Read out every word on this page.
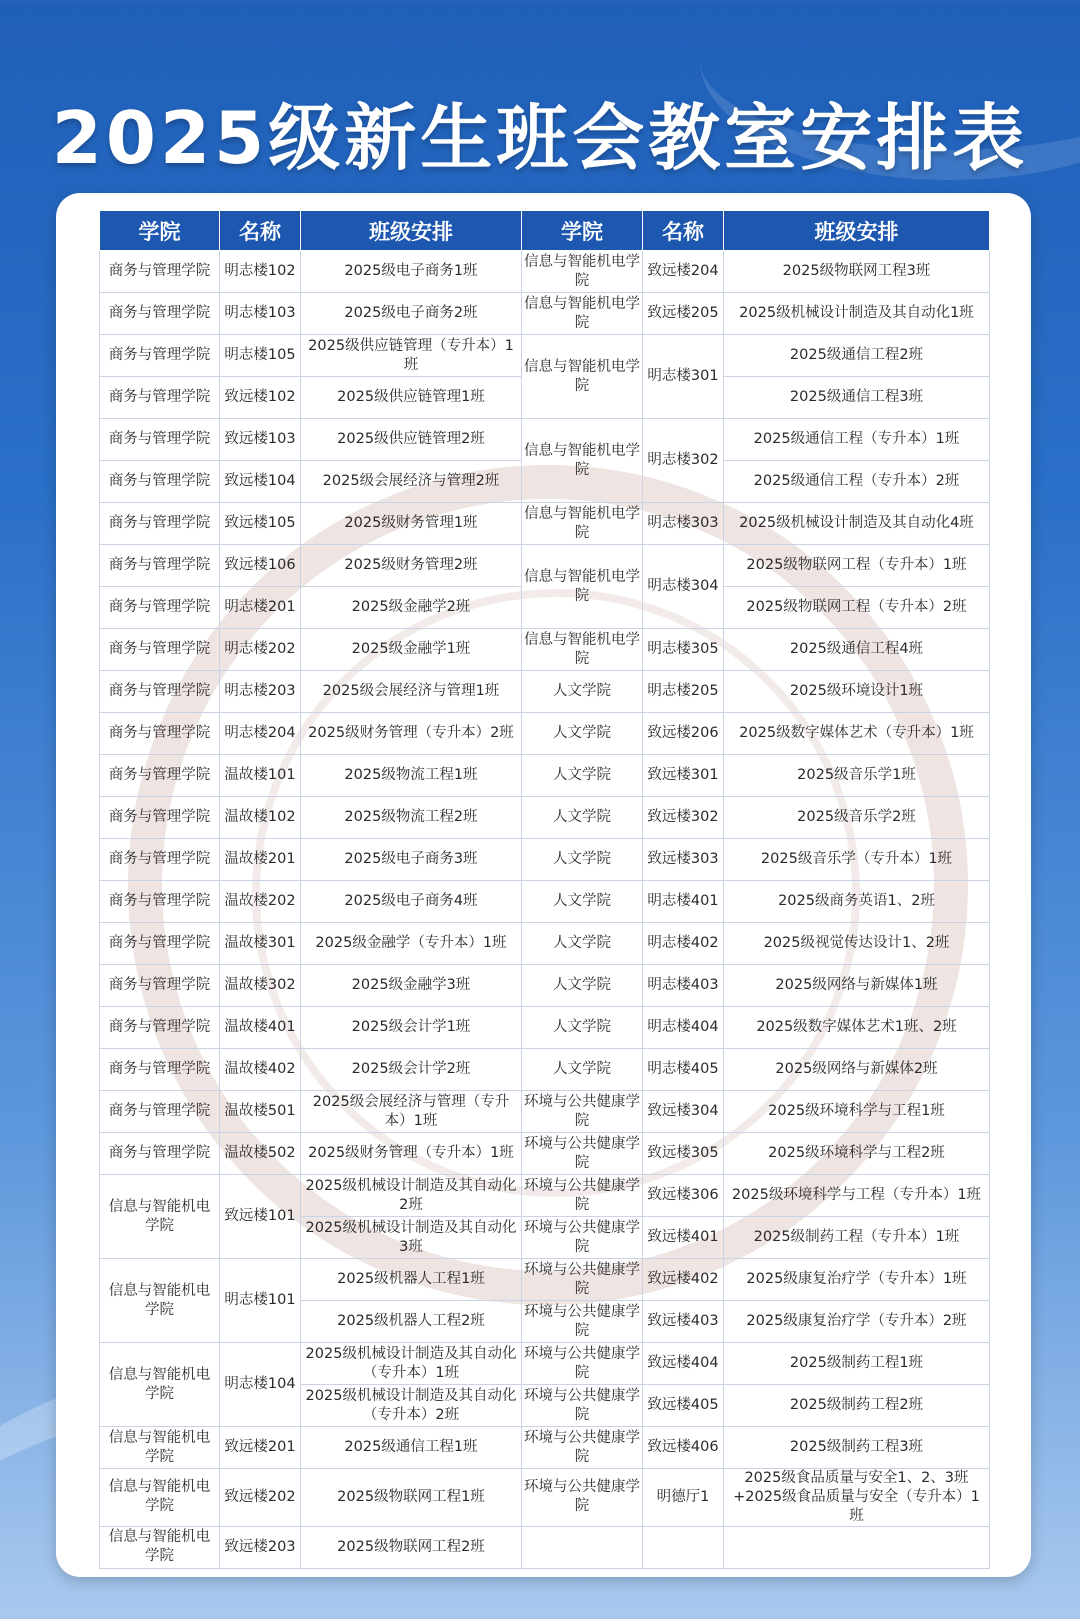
2025级新生班会教室安排表
学院	名称	班级安排	学院	名称	班级安排
商务与管理学院	明志楼102	2025级电子商务1班	信息与智能机电学院	致远楼204	2025级物联网工程3班
商务与管理学院	明志楼103	2025级电子商务2班	信息与智能机电学院	致远楼205	2025级机械设计制造及其自动化1班
商务与管理学院	明志楼105	2025级供应链管理（专升本）1班	信息与智能机电学院	明志楼301	2025级通信工程2班
商务与管理学院	致远楼102	2025级供应链管理1班			2025级通信工程3班
商务与管理学院	致远楼103	2025级供应链管理2班	信息与智能机电学院	明志楼302	2025级通信工程（专升本）1班
商务与管理学院	致远楼104	2025级会展经济与管理2班			2025级通信工程（专升本）2班
商务与管理学院	致远楼105	2025级财务管理1班	信息与智能机电学院	明志楼303	2025级机械设计制造及其自动化4班
商务与管理学院	致远楼106	2025级财务管理2班	信息与智能机电学院	明志楼304	2025级物联网工程（专升本）1班
商务与管理学院	明志楼201	2025级金融学2班			2025级物联网工程（专升本）2班
商务与管理学院	明志楼202	2025级金融学1班	信息与智能机电学院	明志楼305	2025级通信工程4班
商务与管理学院	明志楼203	2025级会展经济与管理1班	人文学院	明志楼205	2025级环境设计1班
商务与管理学院	明志楼204	2025级财务管理（专升本）2班	人文学院	致远楼206	2025级数字媒体艺术（专升本）1班
商务与管理学院	温故楼101	2025级物流工程1班	人文学院	致远楼301	2025级音乐学1班
商务与管理学院	温故楼102	2025级物流工程2班	人文学院	致远楼302	2025级音乐学2班
商务与管理学院	温故楼201	2025级电子商务3班	人文学院	致远楼303	2025级音乐学（专升本）1班
商务与管理学院	温故楼202	2025级电子商务4班	人文学院	明志楼401	2025级商务英语1、2班
商务与管理学院	温故楼301	2025级金融学（专升本）1班	人文学院	明志楼402	2025级视觉传达设计1、2班
商务与管理学院	温故楼302	2025级金融学3班	人文学院	明志楼403	2025级网络与新媒体1班
商务与管理学院	温故楼401	2025级会计学1班	人文学院	明志楼404	2025级数字媒体艺术1班、2班
商务与管理学院	温故楼402	2025级会计学2班	人文学院	明志楼405	2025级网络与新媒体2班
商务与管理学院	温故楼501	2025级会展经济与管理（专升本）1班	环境与公共健康学院	致远楼304	2025级环境科学与工程1班
商务与管理学院	温故楼502	2025级财务管理（专升本）1班	环境与公共健康学院	致远楼305	2025级环境科学与工程2班
信息与智能机电学院	致远楼101	2025级机械设计制造及其自动化2班	环境与公共健康学院	致远楼306	2025级环境科学与工程（专升本）1班
		2025级机械设计制造及其自动化3班	环境与公共健康学院	致远楼401	2025级制药工程（专升本）1班
信息与智能机电学院	明志楼101	2025级机器人工程1班	环境与公共健康学院	致远楼402	2025级康复治疗学（专升本）1班
		2025级机器人工程2班	环境与公共健康学院	致远楼403	2025级康复治疗学（专升本）2班
信息与智能机电学院	明志楼104	2025级机械设计制造及其自动化（专升本）1班	环境与公共健康学院	致远楼404	2025级制药工程1班
		2025级机械设计制造及其自动化（专升本）2班	环境与公共健康学院	致远楼405	2025级制药工程2班
信息与智能机电学院	致远楼201	2025级通信工程1班	环境与公共健康学院	致远楼406	2025级制药工程3班
信息与智能机电学院	致远楼202	2025级物联网工程1班	环境与公共健康学院	明德厅1	2025级食品质量与安全1、2、3班+2025级食品质量与安全（专升本）1班
信息与智能机电学院	致远楼203	2025级物联网工程2班			
